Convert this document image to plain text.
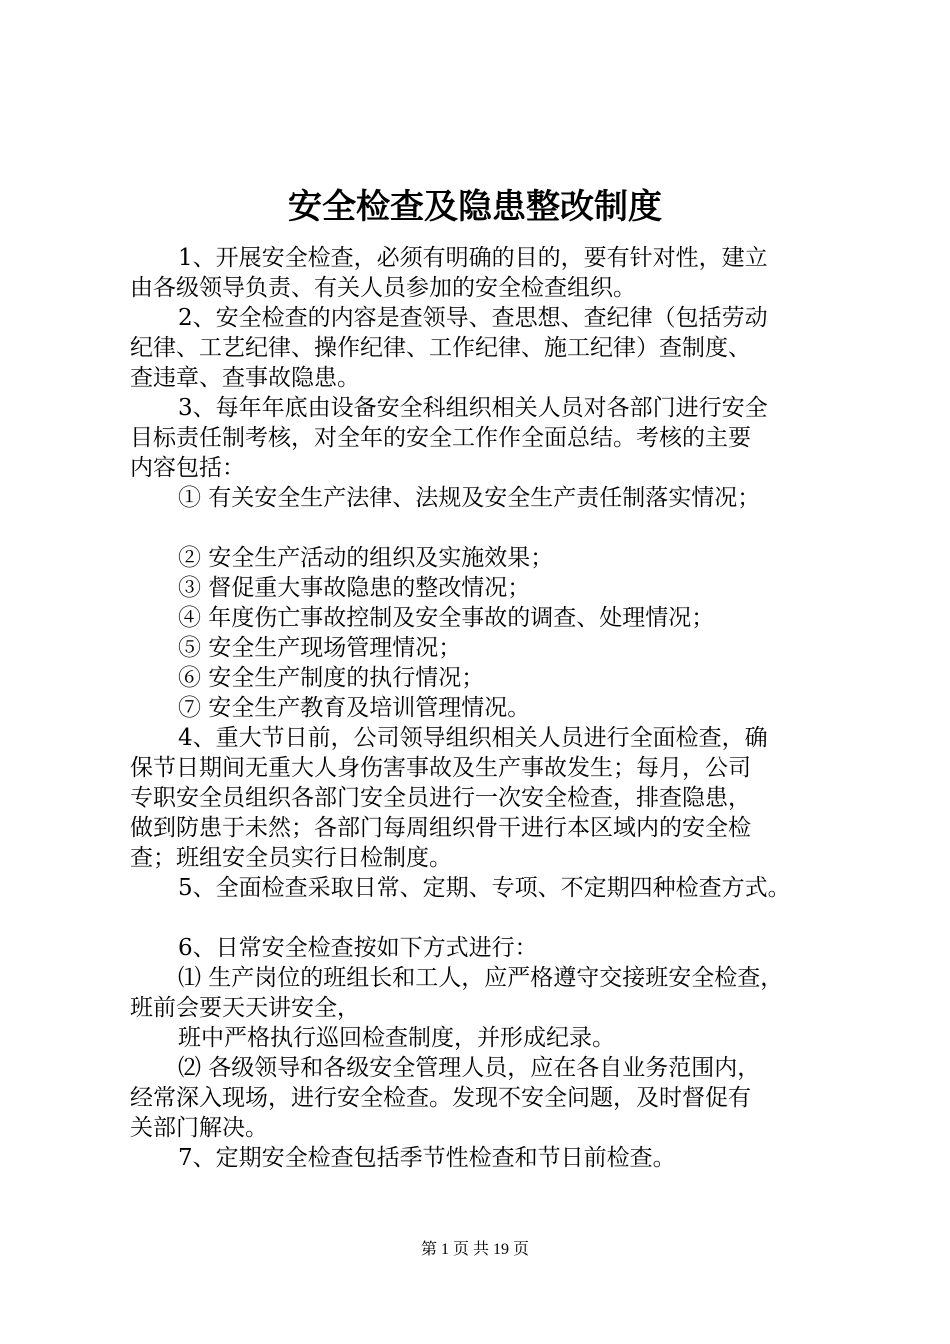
安全检查及隐患整改制度

1、开展安全检查，必须有明确的目的，要有针对性，建立

由各级领导负责、有关人员参加的安全检查组织。

2、安全检查的内容是查领导、查思想、查纪律（包括劳动

纪律、工艺纪律、操作纪律、工作纪律、施工纪律）查制度、

查违章、查事故隐患。

3、每年年底由设备安全科组织相关人员对各部门进行安全

目标责任制考核，对全年的安全工作作全面总结。考核的主要

内容包括：

① 有关安全生产法律、法规及安全生产责任制落实情况；

② 安全生产活动的组织及实施效果；

③ 督促重大事故隐患的整改情况；

④ 年度伤亡事故控制及安全事故的调查、处理情况；

⑤ 安全生产现场管理情况；

⑥ 安全生产制度的执行情况；

⑦ 安全生产教育及培训管理情况。

4、重大节日前，公司领导组织相关人员进行全面检查，确

保节日期间无重大人身伤害事故及生产事故发生；每月，公司

专职安全员组织各部门安全员进行一次安全检查，排查隐患，

做到防患于未然；各部门每周组织骨干进行本区域内的安全检

查；班组安全员实行日检制度。

5、全面检查采取日常、定期、专项、不定期四种检查方式。

6、日常安全检查按如下方式进行：

⑴ 生产岗位的班组长和工人，应严格遵守交接班安全检查，

班前会要天天讲安全，

班中严格执行巡回检查制度，并形成纪录。

⑵ 各级领导和各级安全管理人员，应在各自业务范围内，

经常深入现场，进行安全检查。发现不安全问题，及时督促有

关部门解决。

7、定期安全检查包括季节性检查和节日前检查。

第 1 页 共 19 页
